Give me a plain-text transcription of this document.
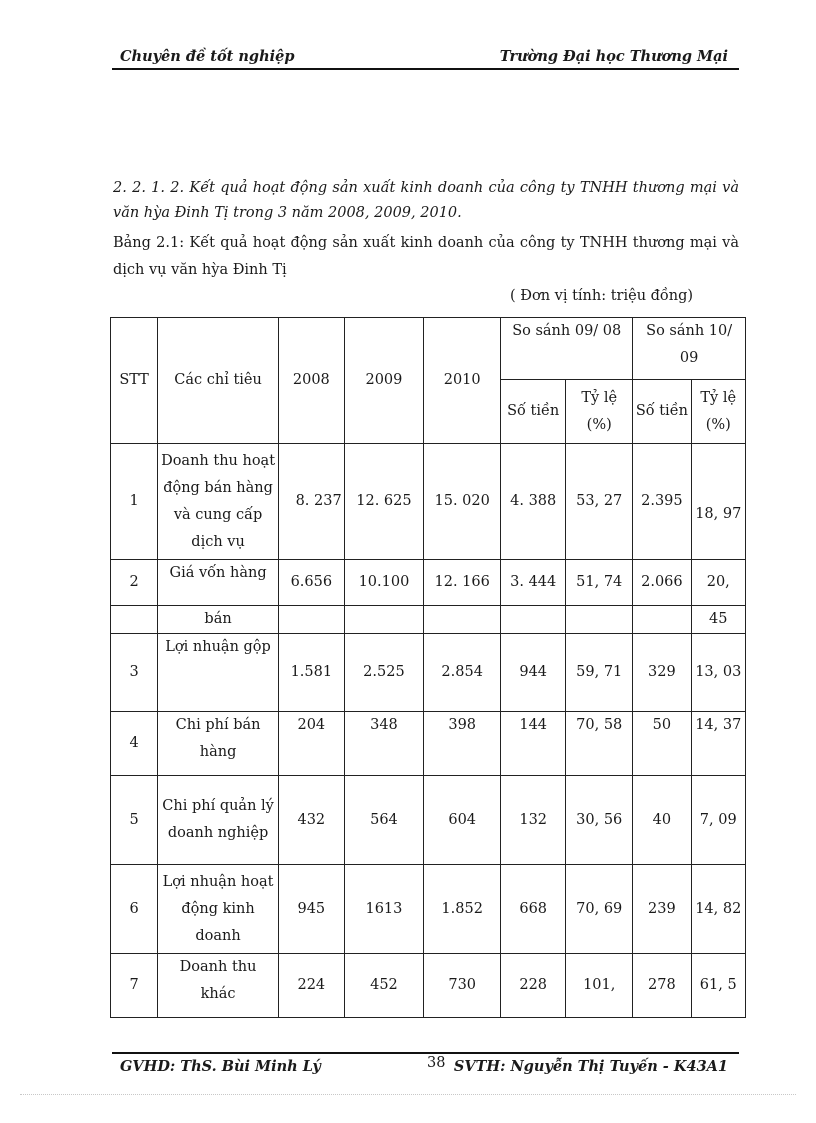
Chuyên đề tốt nghiệp	Trường Đại học Thương Mại
2. 2. 1. 2. Kết quả hoạt động sản xuất kinh doanh của công ty TNHH thương mại và văn hỳa Đinh Tị trong 3 năm 2008, 2009, 2010.
Bảng 2.1: Kết quả hoạt động sản xuất kinh doanh của công ty TNHH thương mại và dịch vụ văn hỳa Đinh Tị
( Đơn vị tính: triệu đồng)
STT	Các chỉ tiêu	2008	2009	2010	So sánh 09/ 08		So sánh 10/ 09	
					Số tiền	Tỷ lệ (%)	Số tiền	Tỷ lệ (%)
1	Doanh thu hoạt động bán hàng và cung cấp dịch vụ	8. 237	12. 625	15. 020	4. 388	53, 27	2.395	18, 97
2	Giá vốn hàng	6.656	10.100	12. 166	3. 444	51, 74	2.066	20,
	bán							45
3	Lợi nhuận gộp	1.581	2.525	2.854	944	59, 71	329	13, 03
4	Chi phí bán hàng	204	348	398	144	70, 58	50	14, 37
5	Chi phí quản lý doanh nghiệp	432	564	604	132	30, 56	40	7, 09
6	Lợi nhuận hoạt động kinh doanh	945	1613	1.852	668	70, 69	239	14, 82
7	Doanh thu khác	224	452	730	228	101,	278	61, 5
GVHD: ThS. Bùi Minh Lý	38 SVTH: Nguyễn Thị Tuyến - K43A1
